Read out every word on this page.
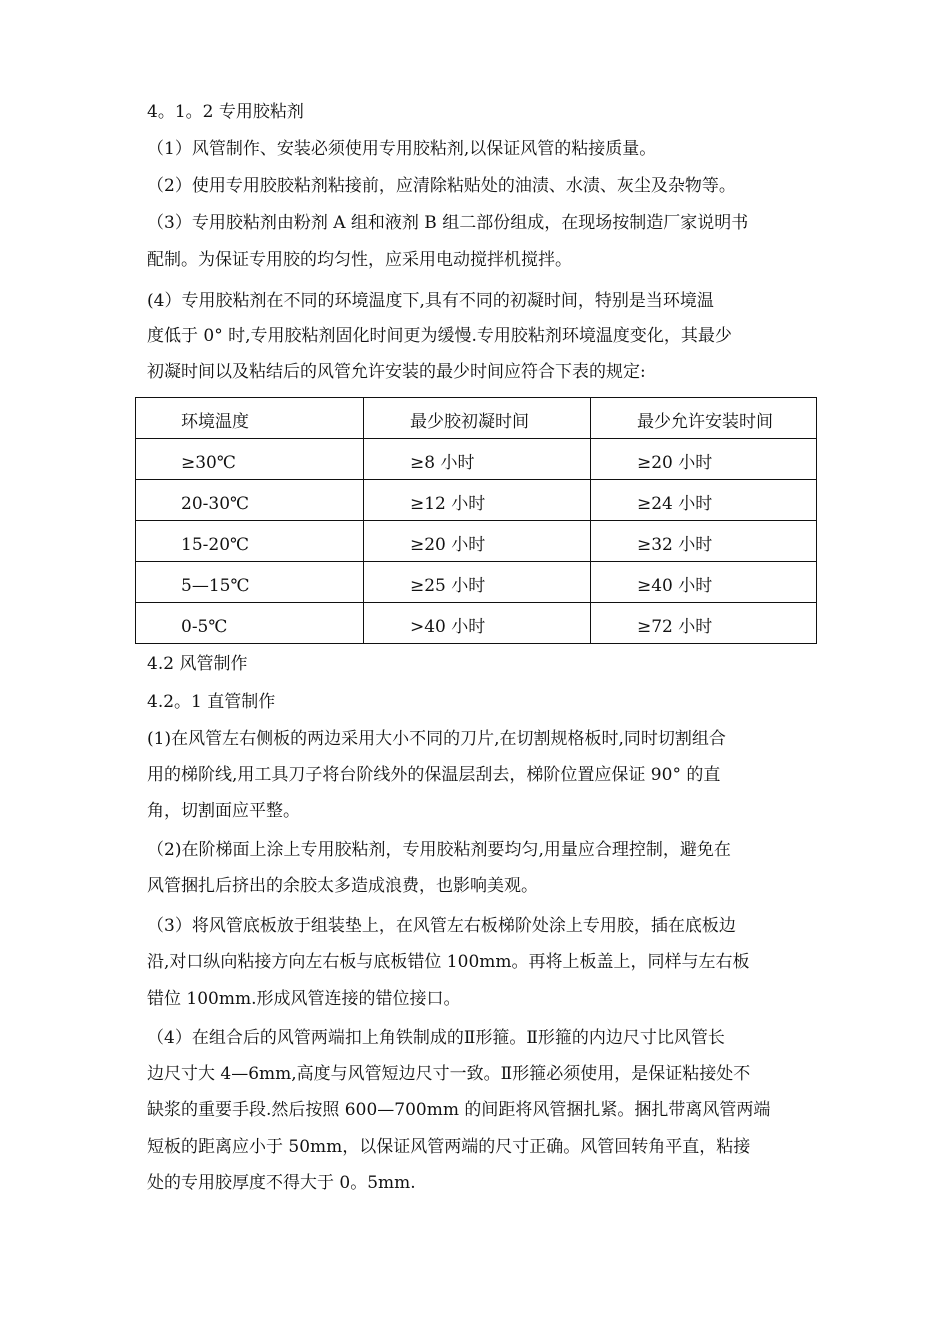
4。1。2 专用胶粘剂
（1）风管制作、安装必须使用专用胶粘剂,以保证风管的粘接质量。
（2）使用专用胶胶粘剂粘接前，应清除粘贴处的油渍、水渍、灰尘及杂物等。
（3）专用胶粘剂由粉剂 A 组和液剂 B 组二部份组成，在现场按制造厂家说明书
配制。为保证专用胶的均匀性，应采用电动搅拌机搅拌。
(4）专用胶粘剂在不同的环境温度下,具有不同的初凝时间，特别是当环境温
度低于 0° 时,专用胶粘剂固化时间更为缓慢.专用胶粘剂环境温度变化，其最少
初凝时间以及粘结后的风管允许安装的最少时间应符合下表的规定:
环境温度	最少胶初凝时间	最少允许安装时间
≥30℃	≥8 小时	≥20 小时
20-30℃	≥12 小时	≥24 小时
15-20℃	≥20 小时	≥32 小时
5—15℃	≥25 小时	≥40 小时
0-5℃	>40 小时	≥72 小时
4.2 风管制作
4.2。1 直管制作
(1)在风管左右侧板的两边采用大小不同的刀片,在切割规格板时,同时切割组合
用的梯阶线,用工具刀子将台阶线外的保温层刮去，梯阶位置应保证 90° 的直
角，切割面应平整。
（2)在阶梯面上涂上专用胶粘剂，专用胶粘剂要均匀,用量应合理控制，避免在
风管捆扎后挤出的余胶太多造成浪费，也影响美观。
（3）将风管底板放于组装垫上，在风管左右板梯阶处涂上专用胶，插在底板边
沿,对口纵向粘接方向左右板与底板错位 100mm。再将上板盖上，同样与左右板
错位 100mm.形成风管连接的错位接口。
（4）在组合后的风管两端扣上角铁制成的Ⅱ形箍。Ⅱ形箍的内边尺寸比风管长
边尺寸大 4—6mm,高度与风管短边尺寸一致。Ⅱ形箍必须使用，是保证粘接处不
缺浆的重要手段.然后按照 600—700mm 的间距将风管捆扎紧。捆扎带离风管两端
短板的距离应小于 50mm，以保证风管两端的尺寸正确。风管回转角平直，粘接
处的专用胶厚度不得大于 0。5mm.
